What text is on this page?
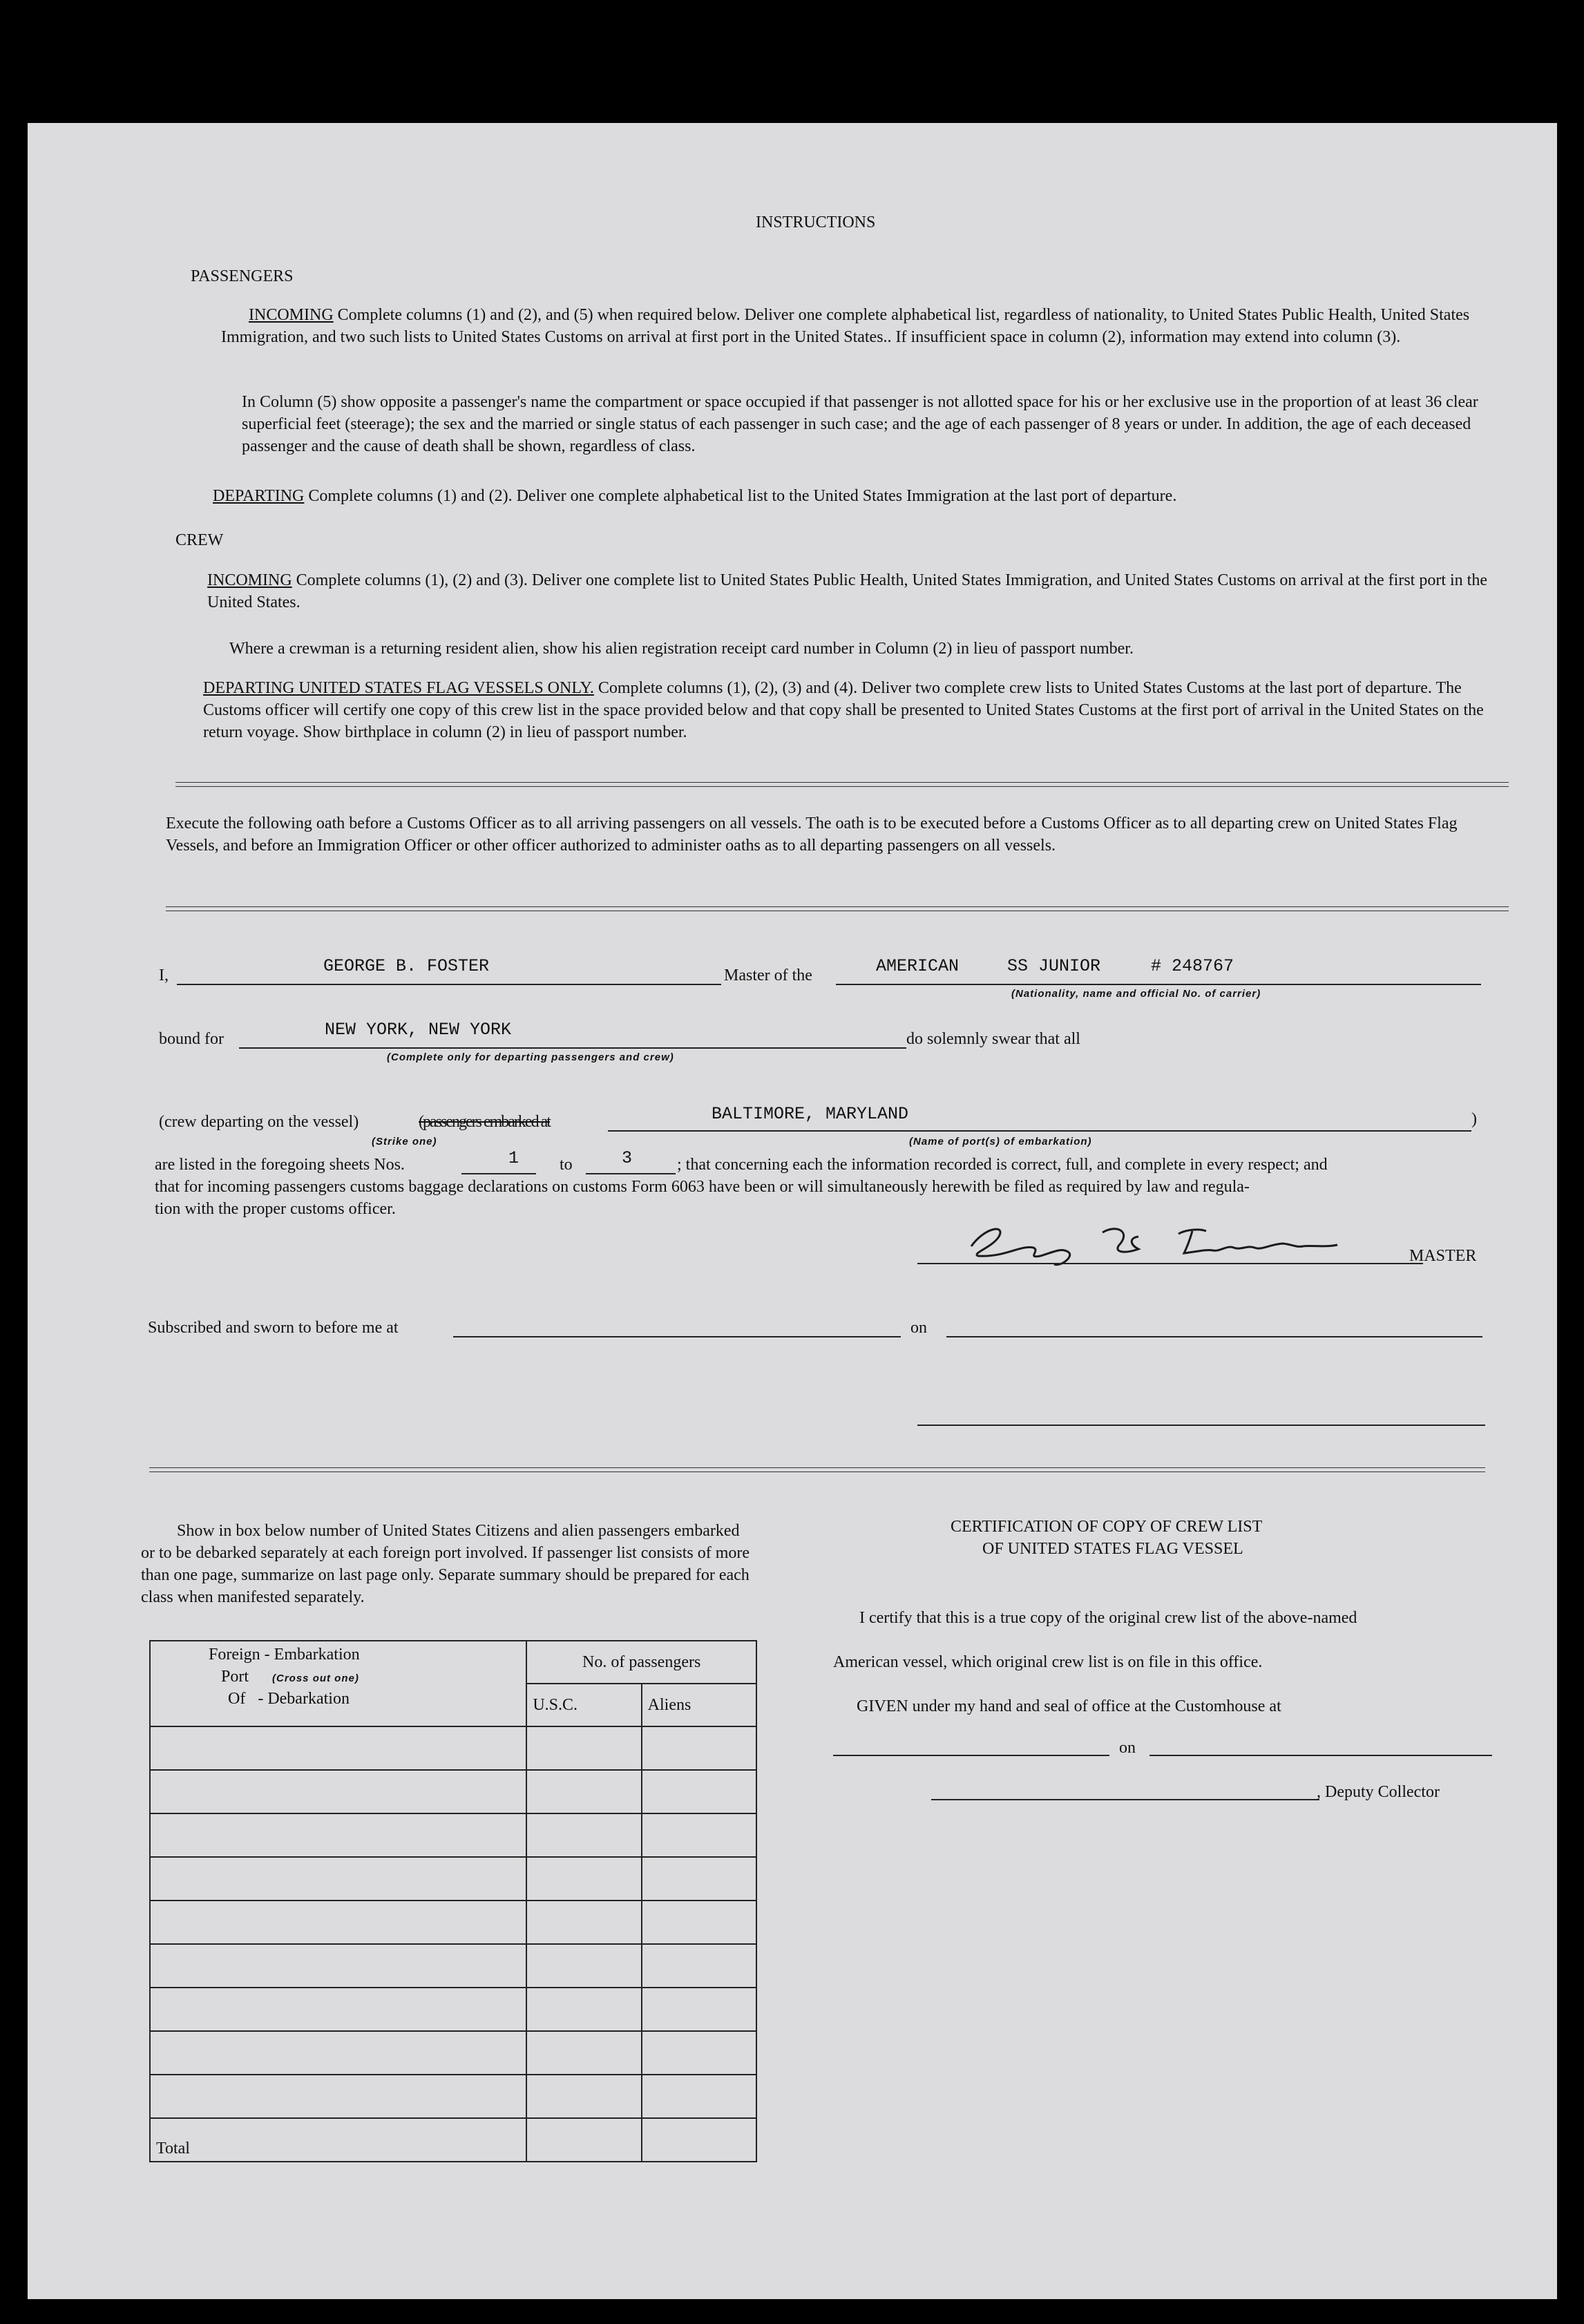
INSTRUCTIONS
PASSENGERS
INCOMING Complete columns (1) and (2), and (5) when required below. Deliver one complete alphabetical list, regardless of nationality, to United States Public Health, United States Immigration, and two such lists to United States Customs on arrival at first port in the United States.. If insufficient space in column (2), information may extend into column (3).
In Column (5) show opposite a passenger's name the compartment or space occupied if that passenger is not allotted space for his or her exclusive use in the proportion of at least 36 clear superficial feet (steerage); the sex and the married or single status of each passenger in such case; and the age of each passenger of 8 years or under. In addition, the age of each deceased passenger and the cause of death shall be shown, regardless of class.
DEPARTING Complete columns (1) and (2). Deliver one complete alphabetical list to the United States Immigration at the last port of departure.
CREW
INCOMING Complete columns (1), (2) and (3). Deliver one complete list to United States Public Health, United States Immigration, and United States Customs on arrival at the first port in the United States.
Where a crewman is a returning resident alien, show his alien registration receipt card number in Column (2) in lieu of passport number.
DEPARTING UNITED STATES FLAG VESSELS ONLY. Complete columns (1), (2), (3) and (4). Deliver two complete crew lists to United States Customs at the last port of departure. The Customs officer will certify one copy of this crew list in the space provided below and that copy shall be presented to United States Customs at the first port of arrival in the United States on the return voyage. Show birthplace in column (2) in lieu of passport number.
Execute the following oath before a Customs Officer as to all arriving passengers on all vessels. The oath is to be executed before a Customs Officer as to all departing crew on United States Flag Vessels, and before an Immigration Officer or other officer authorized to administer oaths as to all departing passengers on all vessels.
I,	GEORGE B. FOSTER	Master of the	AMERICAN	SS JUNIOR	# 248767
(Nationality, name and official No. of carrier)
bound for	NEW YORK, NEW YORK
(Complete only for departing passengers and crew)
do solemnly swear that all
(crew departing on the vessel)	(passengers embarked at
(Strike one)
BALTIMORE, MARYLAND
(Name of port(s) of embarkation)
)
are listed in the foregoing sheets Nos.	1 to	3	; that concerning each the information recorded is correct, full, and complete in every respect; and
that for incoming passengers customs baggage declarations on customs Form 6063 have been or will simultaneously herewith be filed as required by law and regula-
tion with the proper customs officer.
MASTER
Subscribed and sworn to before me at	on
Show in box below number of United States Citizens and alien passengers embarked or to be debarked separately at each foreign port involved. If passenger list consists of more than one page, summarize on last page only. Separate summary should be prepared for each class when manifested separately.
Foreign - Embarkation
Port (Cross out one)
Of - Debarkation	No. of passengers	
	U.S.C.	Aliens

Total		
CERTIFICATION OF COPY OF CREW LIST
OF UNITED STATES FLAG VESSEL
I certify that this is a true copy of the original crew list of the above-named
American vessel, which original crew list is on file in this office.
GIVEN under my hand and seal of office at the Customhouse at
on
, Deputy Collector
